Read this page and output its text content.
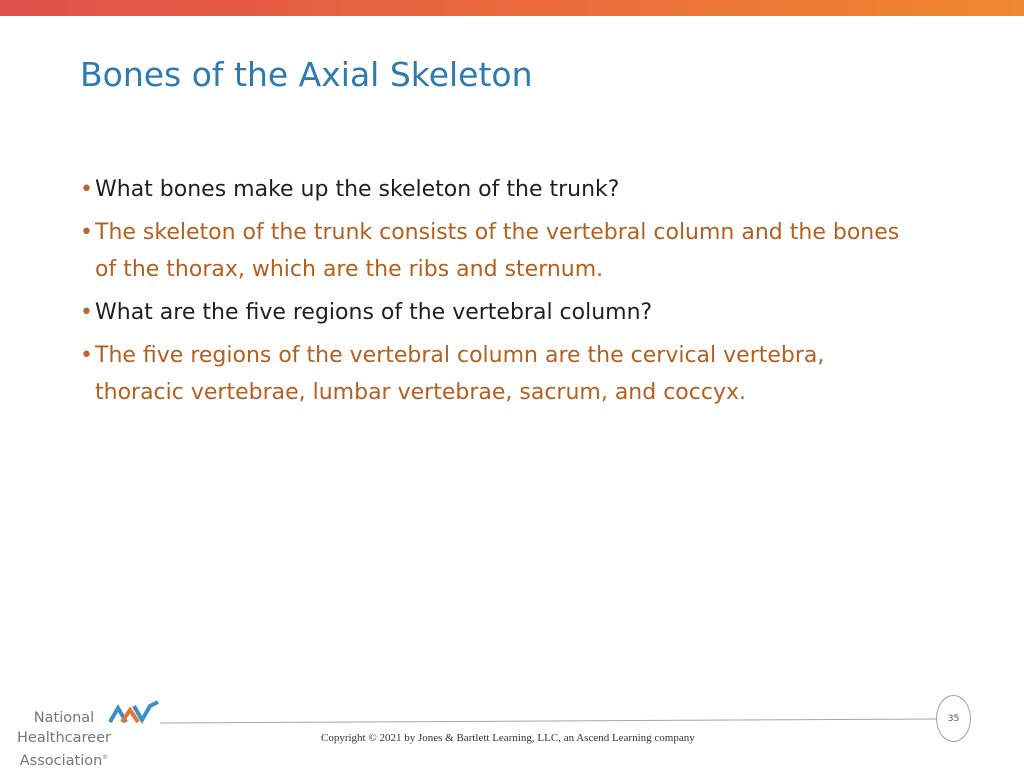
Bones of the Axial Skeleton
• What bones make up the skeleton of the trunk?
• The skeleton of the trunk consists of the vertebral column and the bones of the thorax, which are the ribs and sternum.
• What are the five regions of the vertebral column?
• The five regions of the vertebral column are the cervical vertebra, thoracic vertebrae, lumbar vertebrae, sacrum, and coccyx.
National
Healthcareer
Association®
35
Copyright © 2021 by Jones & Bartlett Learning, LLC, an Ascend Learning company
